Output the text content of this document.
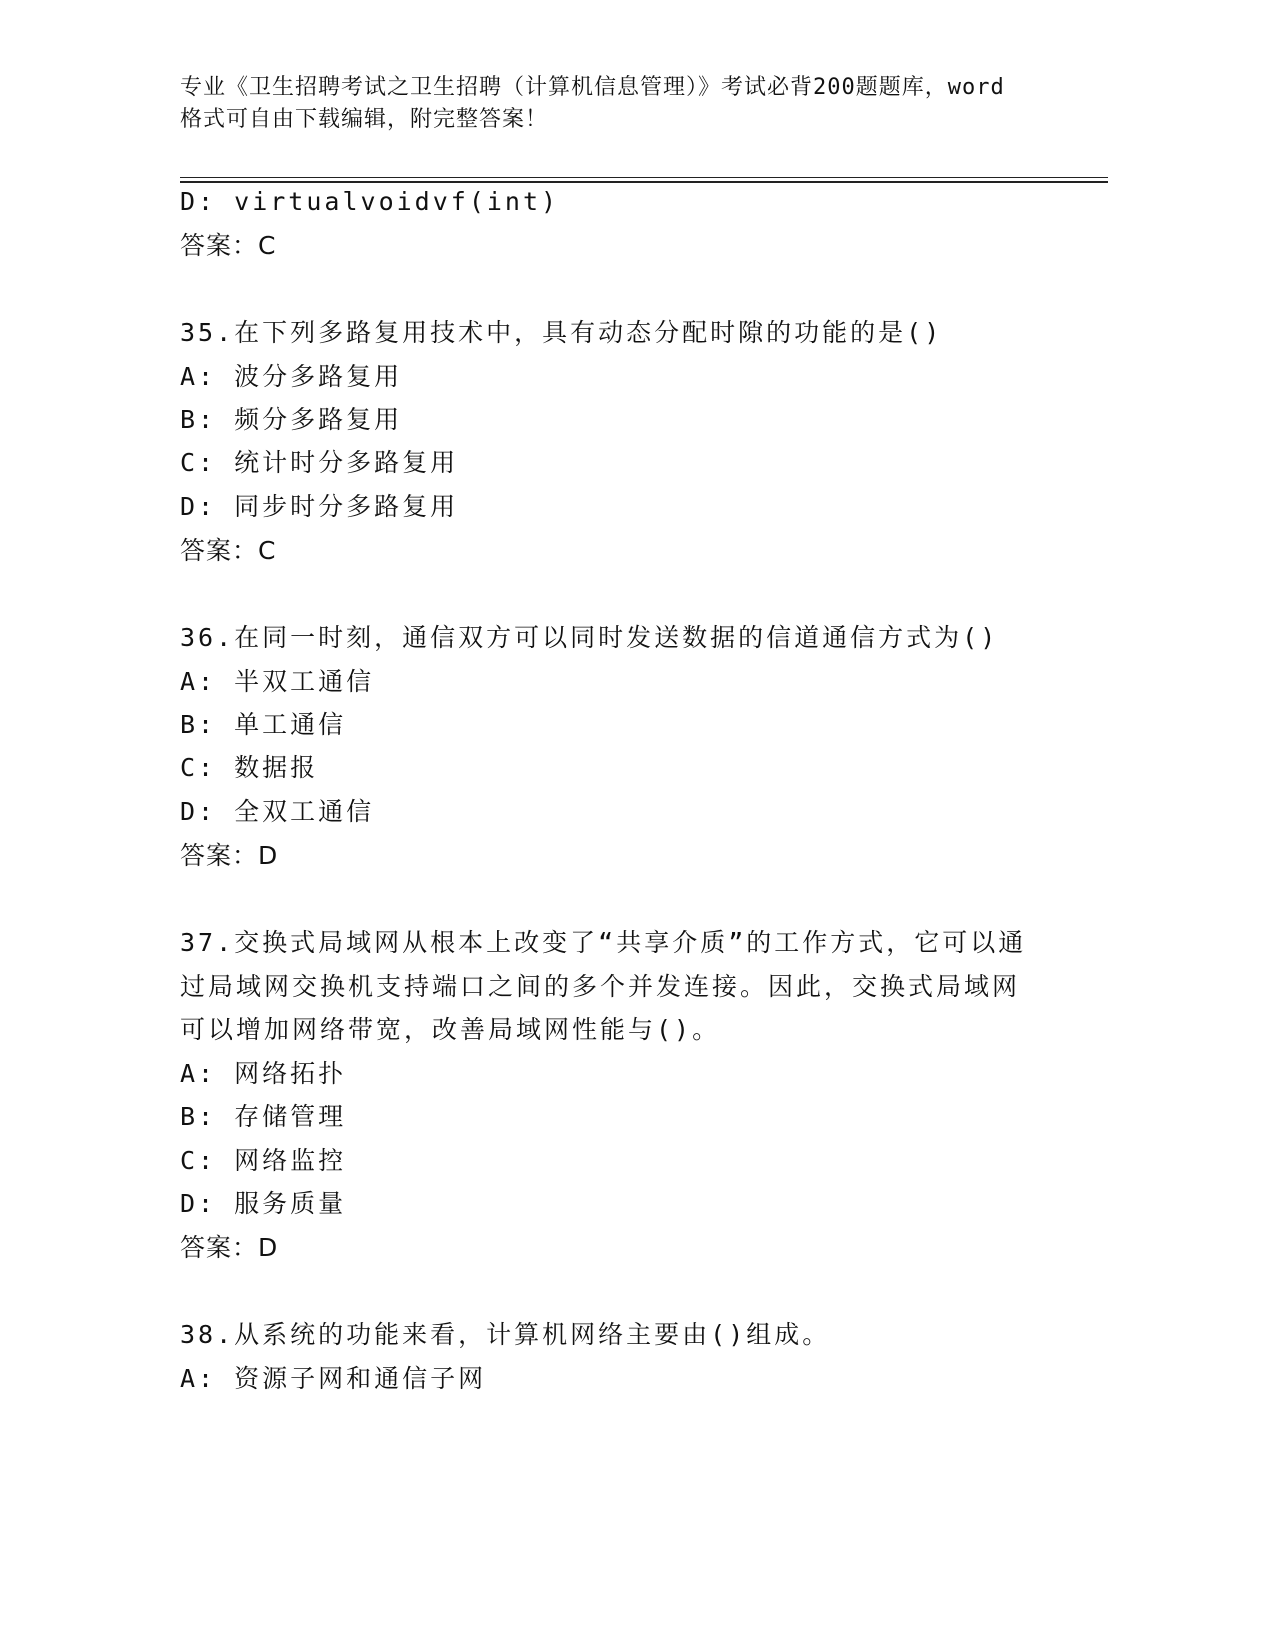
专业《卫生招聘考试之卫生招聘（计算机信息管理）》考试必背200题题库，word
格式可自由下载编辑，附完整答案！
D: virtualvoidvf(int)
答案：C
35.在下列多路复用技术中，具有动态分配时隙的功能的是()
A: 波分多路复用
B: 频分多路复用
C: 统计时分多路复用
D: 同步时分多路复用
答案：C
36.在同一时刻，通信双方可以同时发送数据的信道通信方式为()
A: 半双工通信
B: 单工通信
C: 数据报
D: 全双工通信
答案：D
37.交换式局域网从根本上改变了“共享介质”的工作方式，它可以通
过局域网交换机支持端口之间的多个并发连接。因此，交换式局域网
可以增加网络带宽，改善局域网性能与()。
A: 网络拓扑
B: 存储管理
C: 网络监控
D: 服务质量
答案：D
38.从系统的功能来看，计算机网络主要由()组成。
A: 资源子网和通信子网
